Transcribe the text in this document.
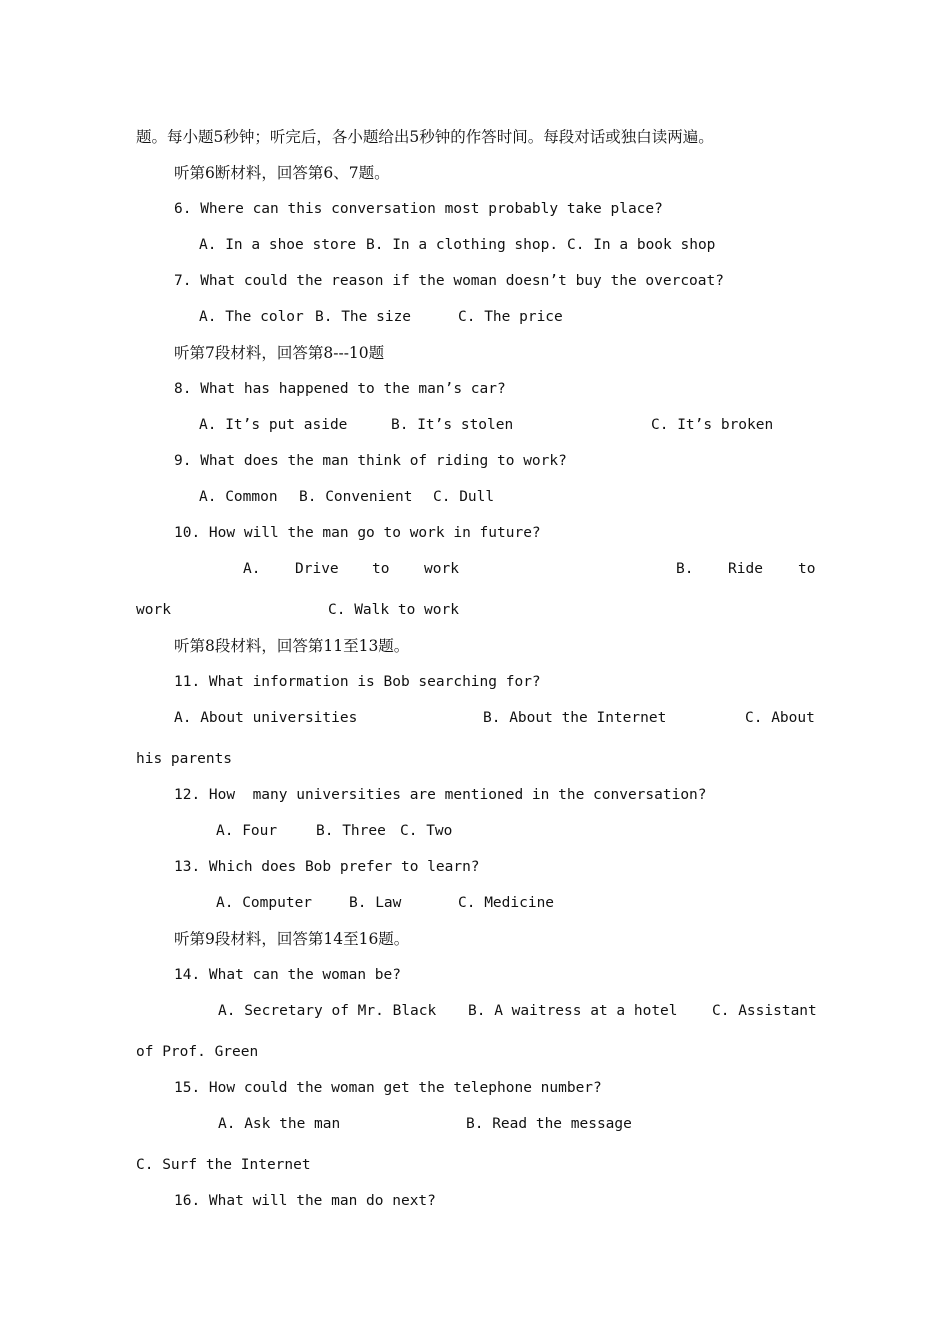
题。每小题5秒钟；听完后，各小题给出5秒钟的作答时间。每段对话或独白读两遍。
听第6断材料，回答第6、7题。
6. Where can this conversation most probably take place?
A. In a shoe store B. In a clothing shop. C. In a book shop
7. What could the reason if the woman doesn’t buy the overcoat?
A. The color B. The size	C. The price
听第7段材料，回答第8---10题
8. What has happened to the man’s car?
A. It’s put aside	B. It’s stolen	C. It’s broken
9. What does the man think of riding to work?
A. Common B. Convenient C. Dull
10. How will the man go to work in future?
A. Drive to work	B. Ride to
work	C. Walk to work
听第8段材料，回答第11至13题。
11. What information is Bob searching for?
A. About universities	B. About the Internet	C. About
his parents
12. How  many universities are mentioned in the conversation?
A. Four	B. Three C. Two
13. Which does Bob prefer to learn?
A. Computer	B. Law	C. Medicine
听第9段材料，回答第14至16题。
14. What can the woman be?
A. Secretary of Mr. Black B. A waitress at a hotel C. Assistant
of Prof. Green
15. How could the woman get the telephone number?
A. Ask the man	B. Read the message
C. Surf the Internet
16. What will the man do next?
